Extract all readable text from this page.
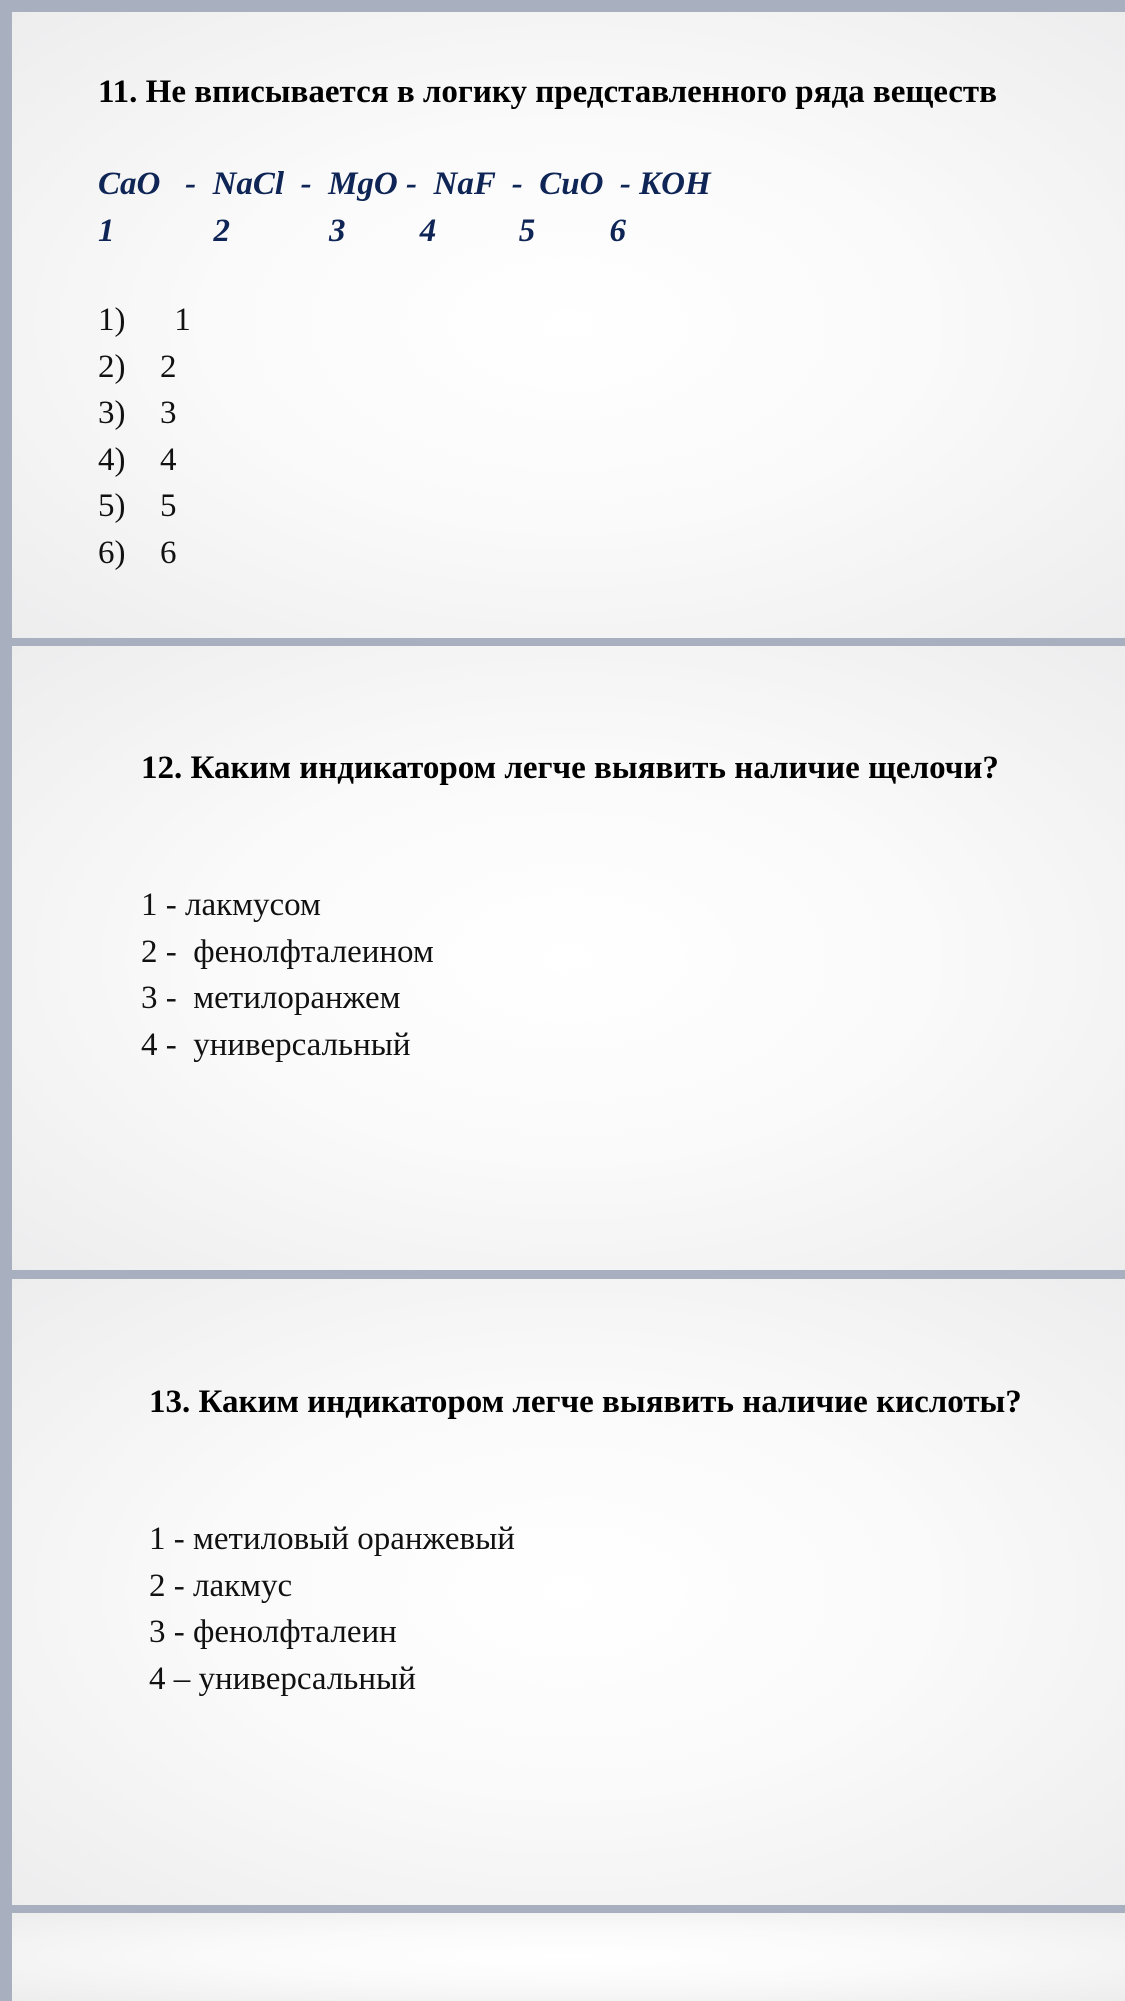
11. Не вписывается в логику представленного ряда веществ

CaO   -  NaCl  -  MgO -  NaF  -  CuO  - KOH

1            2            3         4          5         6

1) 1
2) 2
3) 3
4) 4
5) 5
6) 6
12. Каким индикатором легче выявить наличие щелочи?
1 - лакмусом
2 -  фенолфталеином
3 -  метилоранжем
4 -  универсальный
13. Каким индикатором легче выявить наличие кислоты?
1 - метиловый оранжевый
2 - лакмус
3 - фенолфталеин
4 – универсальный
